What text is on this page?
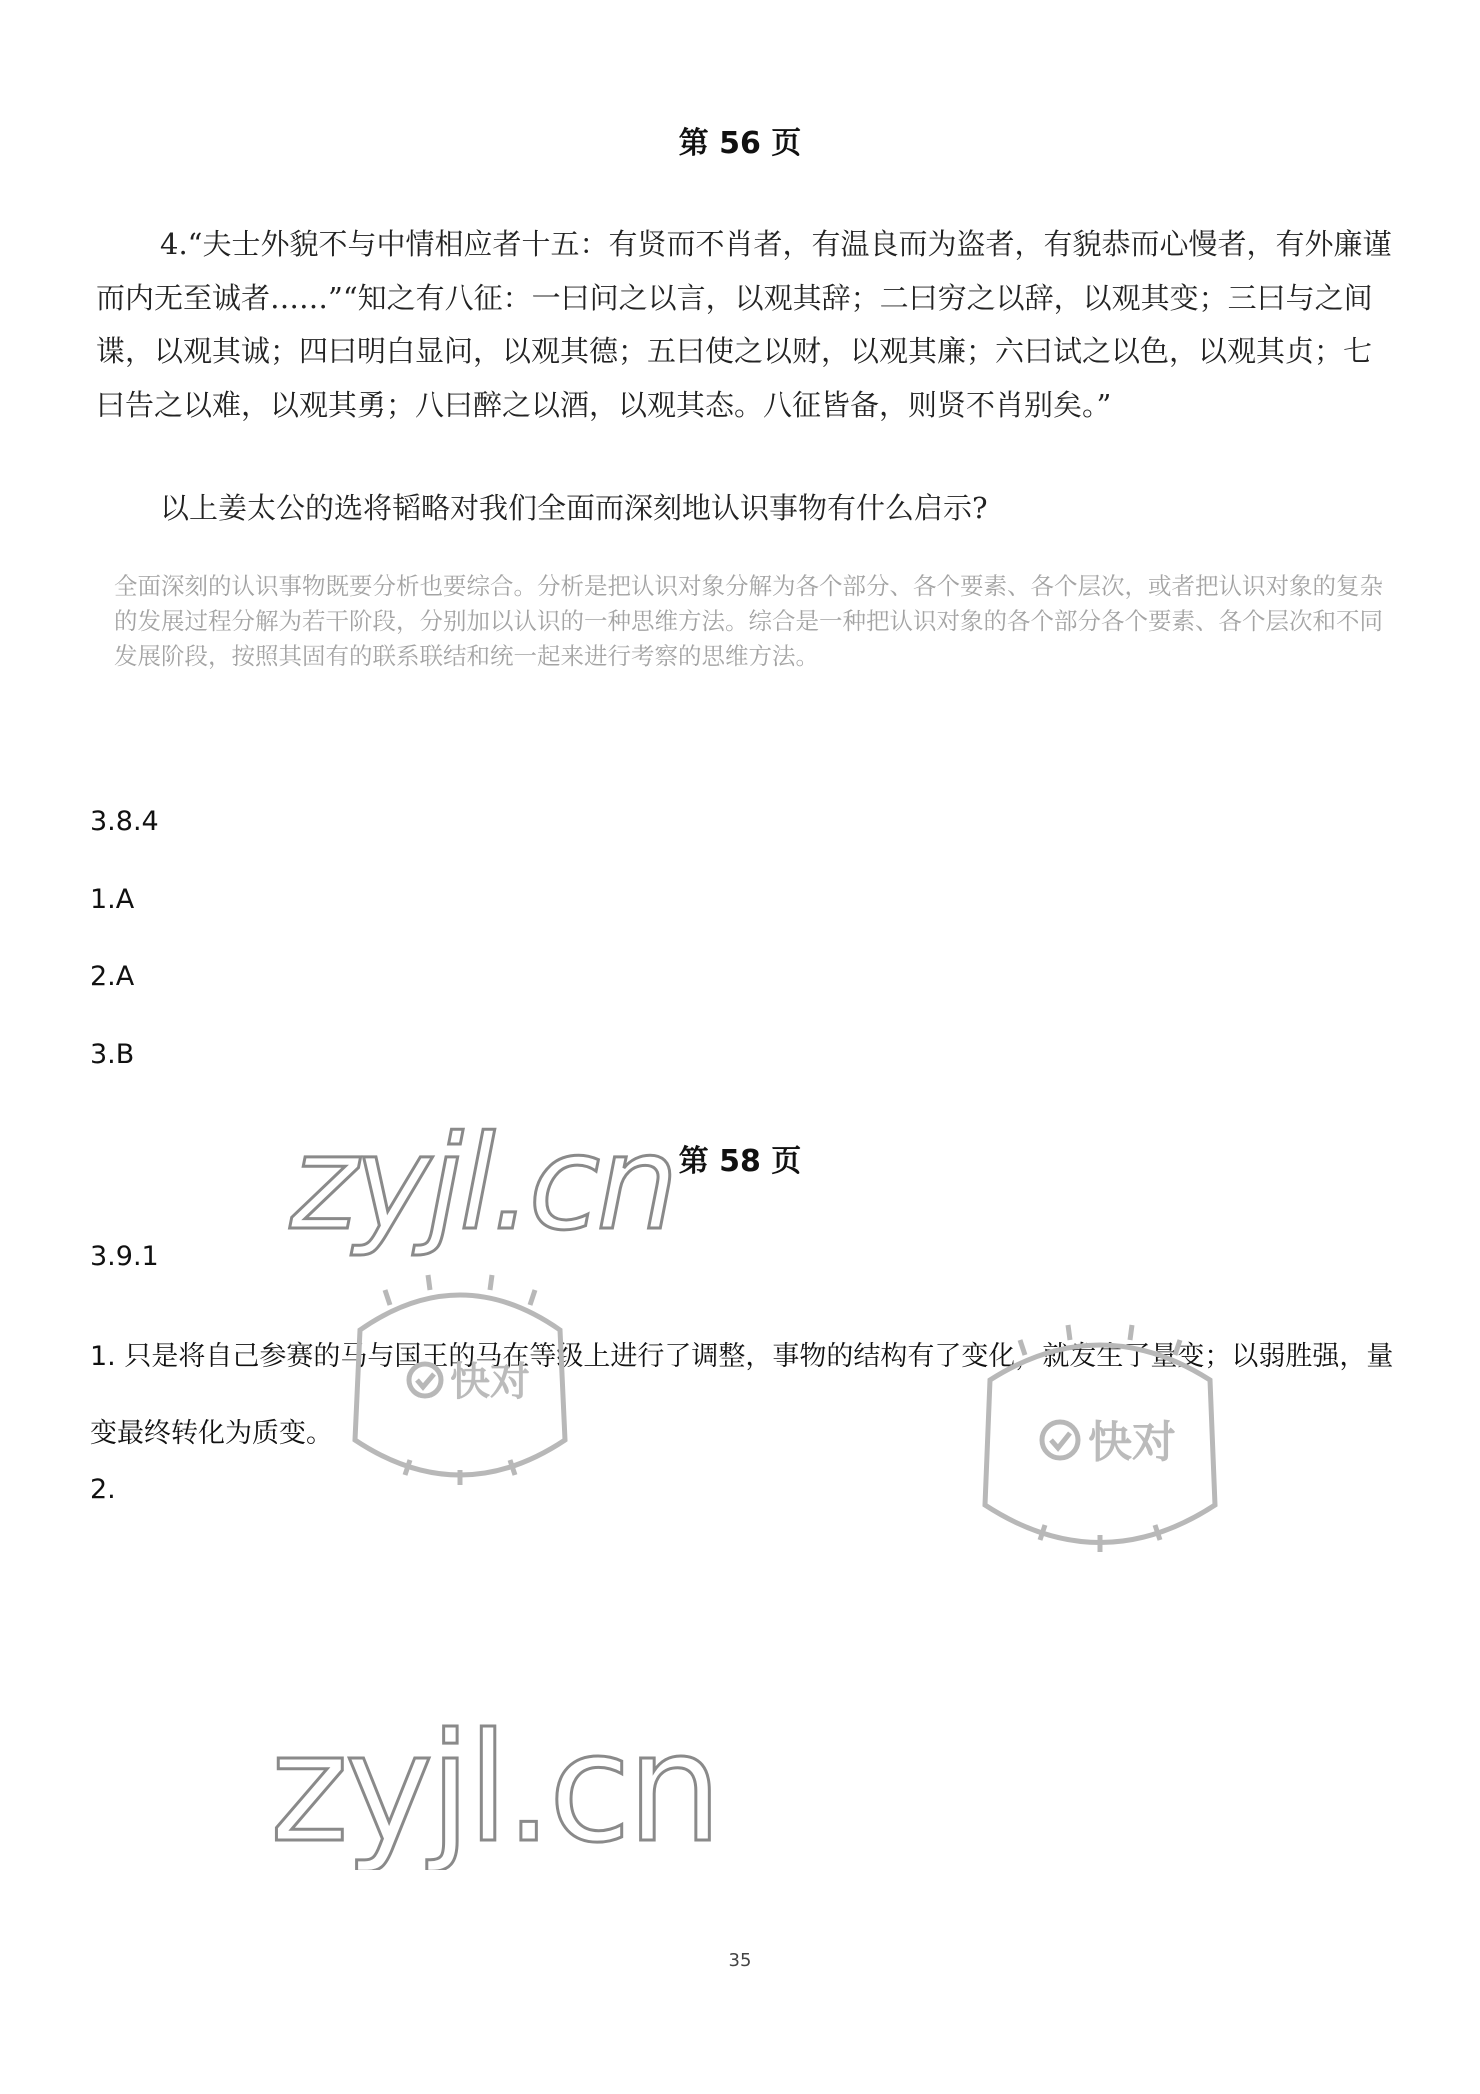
第 56 页

4.“夫士外貌不与中情相应者十五：有贤而不肖者，有温良而为盗者，有貌恭而心慢者，有外廉谨而内无至诚者……”“知之有八征：一曰问之以言，以观其辞；二曰穷之以辞，以观其变；三曰与之间谍，以观其诚；四曰明白显问，以观其德；五曰使之以财，以观其廉；六曰试之以色，以观其贞；七曰告之以难，以观其勇；八曰醉之以酒，以观其态。八征皆备，则贤不肖别矣。”

以上姜太公的选将韬略对我们全面而深刻地认识事物有什么启示?

全面深刻的认识事物既要分析也要综合。分析是把认识对象分解为各个部分、各个要素、各个层次，或者把认识对象的复杂的发展过程分解为若干阶段，分别加以认识的一种思维方法。综合是一种把认识对象的各个部分各个要素、各个层次和不同发展阶段，按照其固有的联系联结和统一起来进行考察的思维方法。

3.8.4
1.A
2.A
3.B
第 58 页
3.9.1

1. 只是将自己参赛的马与国王的马在等级上进行了调整，事物的结构有了变化，就发生了量变；以弱胜强，量变最终转化为质变。

2.
zyjl.cn
zyjl.cn
快对
快对
35
